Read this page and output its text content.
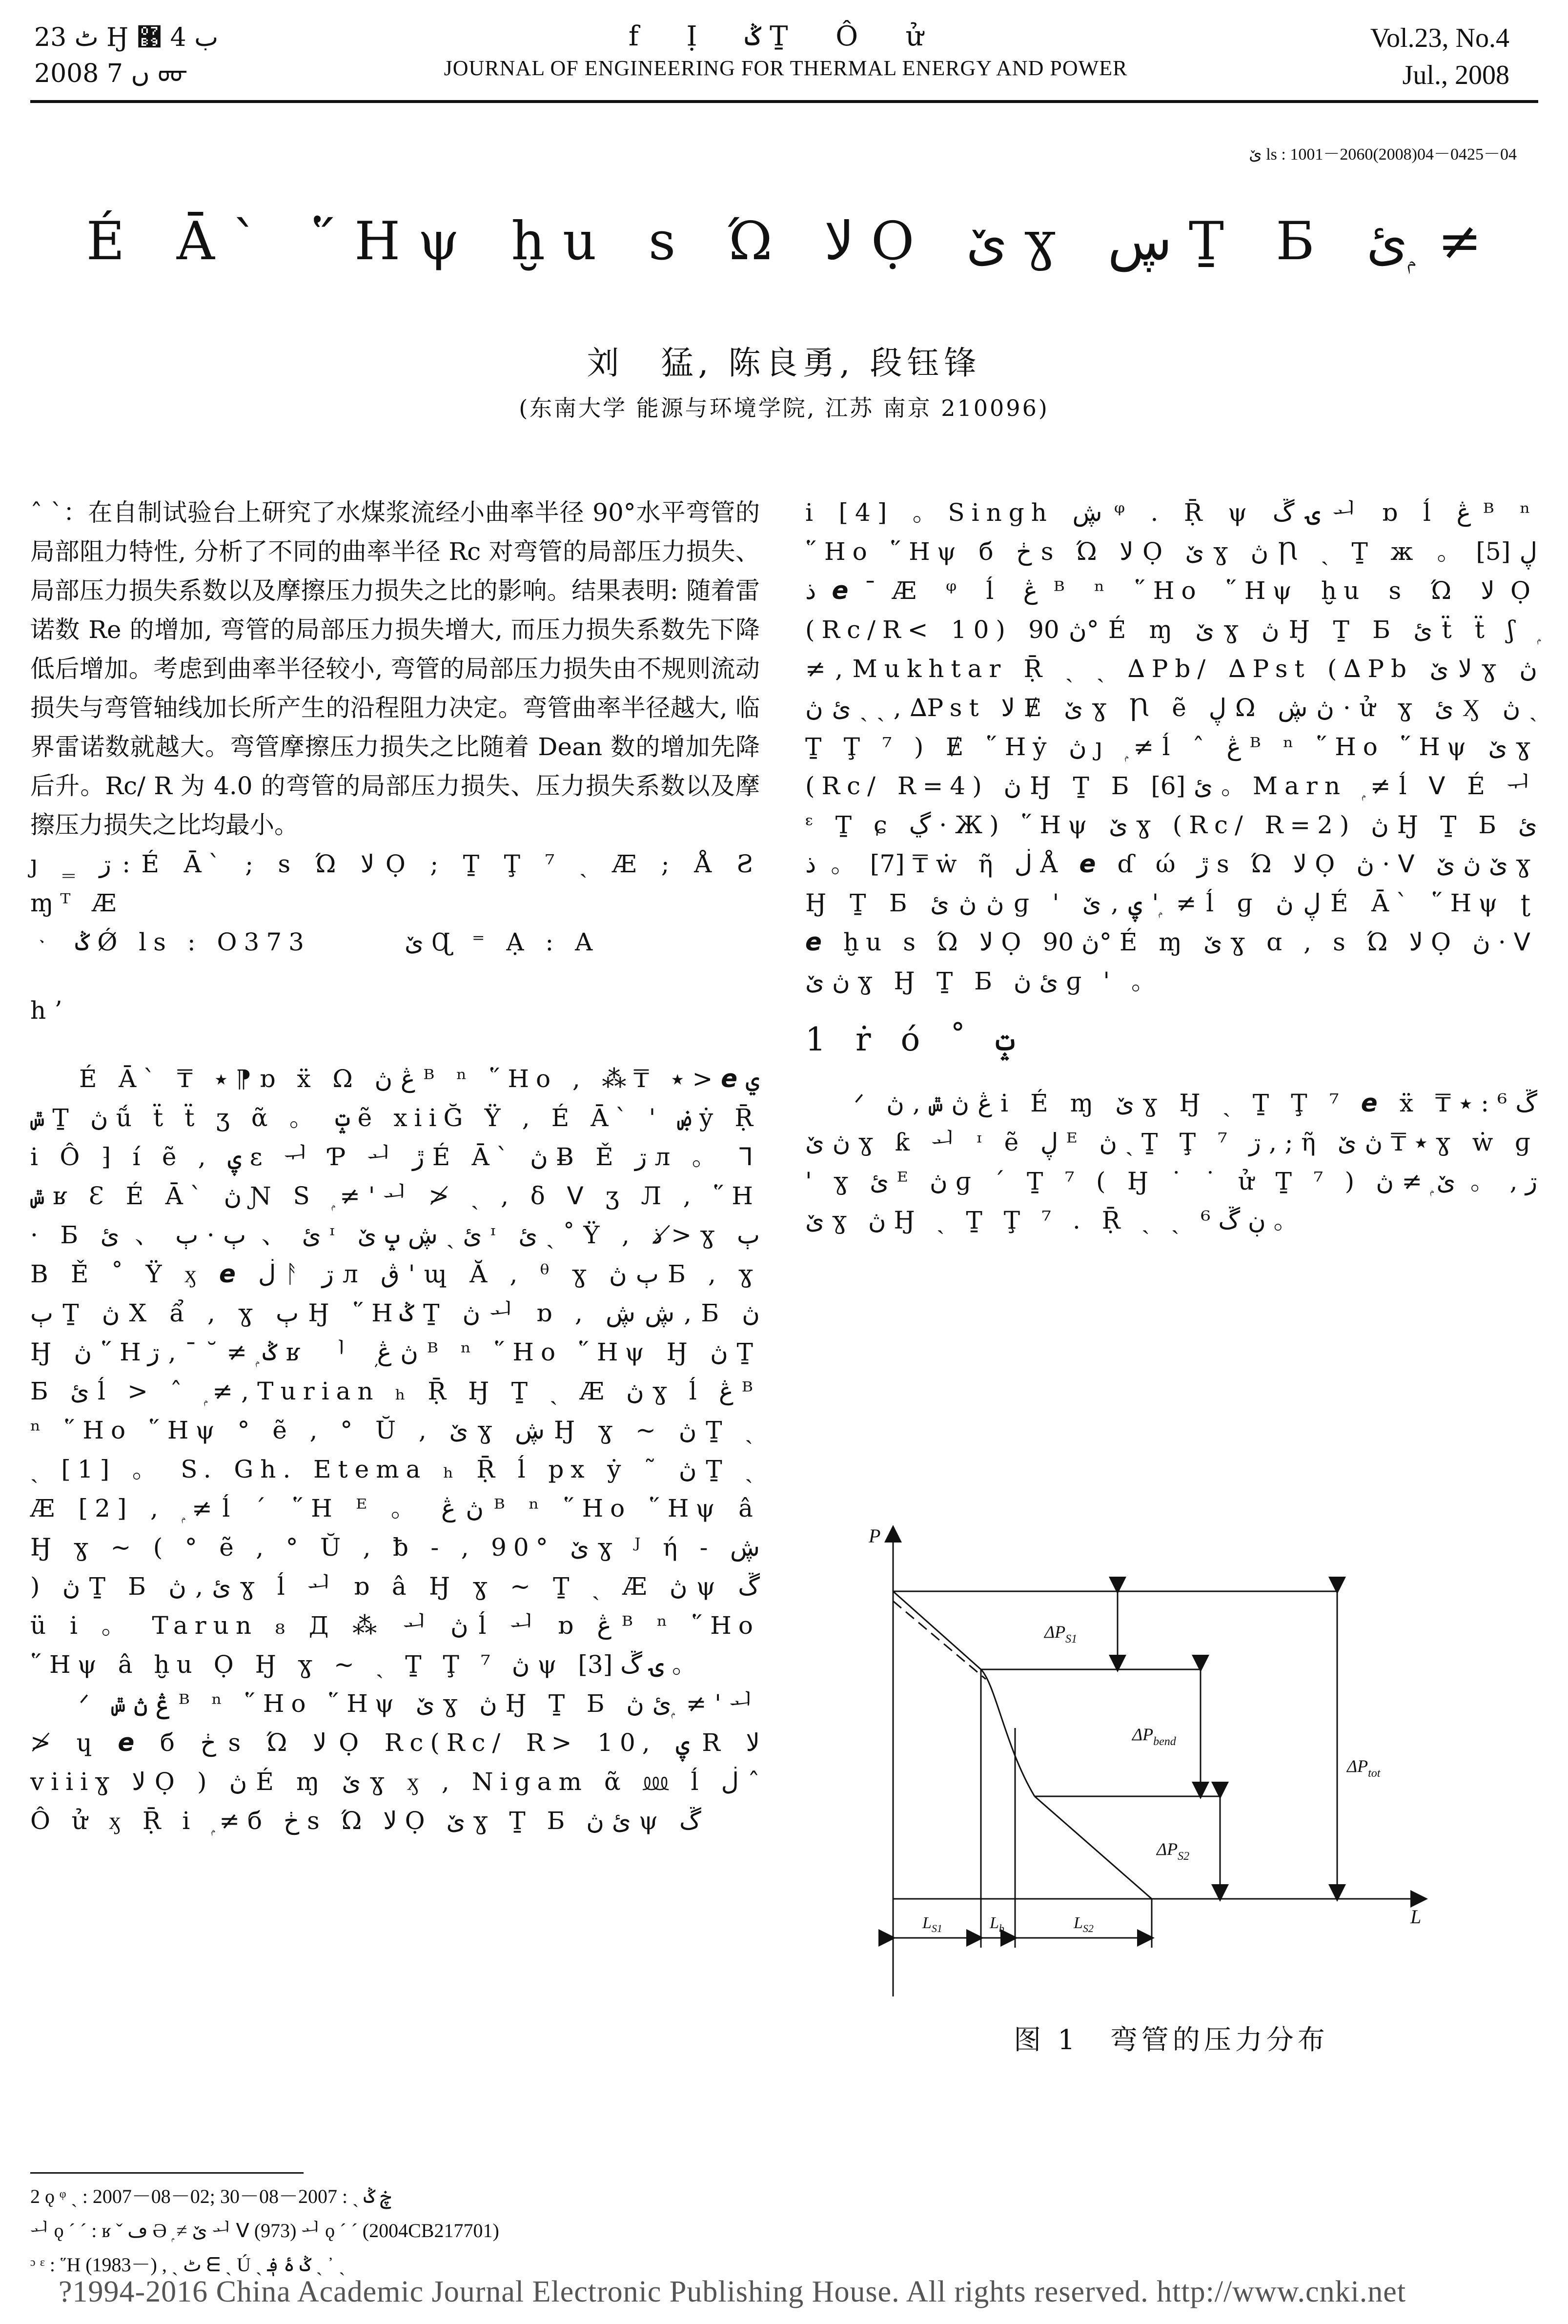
ٹ 23 Ӈ ب 4 ޹
2008 ں 7 ᡂ
f Ị ݣ Ṯ Ô ử
JOURNAL OF ENGINEERING FOR THERMAL ENERGY AND POWER
Vol.23, No.4
Jul., 2008
ێ ls : 1001－2060(2008)04－0425－04
É Ā` ῞Hψ ḫu s Ώ ﻻ Ọ ێ ɣ ڛ Ṯ Б ئ ۭ ≠
刘　猛, 陈良勇, 段钰锋
(东南大学 能源与环境学院, 江苏 南京 210096)

ˆ ˋ：在自制试验台上研究了水煤浆流经小曲率半径 90°水平弯管的局部阻力特性, 分析了不同的曲率半径 Rc 对弯管的局部压力损失、局部压力损失系数以及摩擦压力损失之比的影响。结果表明: 随着雷诺数 Re 的增加, 弯管的局部压力损失增大, 而压力损失系数先下降低后增加。考虑到曲率半径较小, 弯管的局部压力损失由不规则流动损失与弯管轴线加长所产生的沿程阻力决定。弯管曲率半径越大, 临界雷诺数就越大。弯管摩擦压力损失之比随着 Dean 数的增加先降后升。Rc/ R 为 4.0 的弯管的局部压力损失、压力损失系数以及摩擦压力损失之比均最小。

ȷ ‗ ڗ : É Ā` ; s Ώ ﻻ Ọ ; Ṯ Ţ ⁷ ˏ Æ ; Å Ƨ ɱᵀ Æ

ᆞ ݣ Ǿ ls : O373　　　ێ Ɋ ⁼ Ạ : A

h ʼ

É Ā` ₸ ٭ ⁋ ɒ ẍ Ω ڠ ڽ ᴮ ⁿ ῞Ho , ⁂₸ ٭ > 𝙚 ي ݜ Ṯ ڽ ṹ ẗ ẗ ʒ ᾶ 。 ݓ ẽ xiiĞ Ÿ , É Ā` ' ۻ ẏ Ṝ i Ô ⁆ í ẽ , ۑ ɛ ᅱ Ƥ ᅬ ڙ É Ā` ڽ Ƀ Ě ڗ л 。 ᒣ ݜ ʁ Ɛ É Ā` ڽ Ɲ S ۭ ≠ ' ᅬ ≯ ˎ , δ ᐯ ʒ Л , ῞H · Ƃ ئ 、 ٻ · ٻ 、 ئ ᶦ ئ ˏ ڜ ݒ ێ ᶦ ئ ˏ ˚ Ÿ , ذ ≯ ɣ ٻ B Ě ˚ Ÿ ӽ 𝙚 ڶ ᚨ ڗ л ڨ ' ɰ Ă , ᶿ ɣ ٻ ڽ Б , ɣ ٻ Ṯ ڽ X ẩ , ɣ ٻ Ӈ ῞Hݣ Ṯ ڽ ᅬ ɒ , ڜ ڜ , Б ڽ Ӈ ڽ ῞Hݣ ۭ ≠ ˘ ˉ , ڗ ʁ ᅵ ܼ ڽ ڠ ᴮ ⁿ ῞Ho ῞Hψ Ӈ ڽ Ṯ Б ئ ĺ > ˆ ۭ ≠ , Turian ₕ Ṝ Ӈ Ṯ ˏ Æ ڽ ɣ ĺ ڠ ᴮ ⁿ ῞Ho ῞Hψ ° ẽ , ° Ŭ , ێ ɣ ڜ Ӈ ɣ ~ ڽ Ṯ ˎ ˎ [1] 。 S. Gh. Etema ₕ Ṝ ĺ px ẏ ˜ ڽ Ṯ ˏ Æ [2] , ۭ ≠ ĺ ˊ ῞H ᴱ 。 ڽ ڠ ᴮ ⁿ ῞Ho ῞Hψ â Ӈ ɣ ~ ( ° ẽ , ° Ŭ , ƀ - , 90° ێ ɣ ᴶ ή - ڜ ) ڽ Ṯ Б ئ , ڽ ɣ ĺ ᅬ ɒ â Ӈ ɣ ~ Ṯ ˏ Æ ڽ ψ ڱ ü i 。 Tarun ₈ Д ⁂ ᅬ ڽ ĺ ᅬ ɒ ڠ ᴮ ⁿ ῞Ho ῞Hψ â ḫu Ọ Ӈ ɣ ~ ˎ Ṯ Ţ ⁷ ڽ ψ ۍ ڱ [3] 。

ᐟ ڠ ڽ ݜ ᴮ ⁿ ῞Ho ῞Hψ ێ ɣ ڽ Ӈ Ṯ Б ئ ڽ ۭ ≠ ' ᅬ ≯ ɥ 𝙚 б ڂ s Ώ ﻻ Ọ Rc(Rc/ R> 10, ۑ R ﻻ viiiɣ ﻻ Ọ ) ڽ É ɱ ێ ɣ ӽ , Nigam ᾶ ⅏ ĺ ڶ ˆ Ô ử ӽ Ṝ i ۭ ≠ б ڂ s Ώ ﻻ Ọ ێ ɣ Ṯ Б ئ ڽ ψ ڱ

i [4] 。Singh ڜ ᵠ . Ṝ ψ ۍ ڱ ᅬ ɒ ĺ ڠ ᴮ ⁿ ῞Ho ῞Hψ б ڂ s Ώ ﻻ Ọ ێ ɣ ڽ Ꞃ ˎ Ṯ ж ڸ [5] 。 ذ 𝙚 ˉ Æ ᵠ ĺ ڠ ᴮ ⁿ ῞Ho ῞Hψ ḫu s Ώ ﻻ Ọ (Rc/R< 10) ڽ 90° É ɱ ێ ɣ ڽ Ӈ Ṯ Б ئ ẗ ẗ ʃ ۭ ≠ , Mukhtar Ṝ ˎ ˎ ∆Pb/ ∆Pst (∆Pb ﻻ ێ ɣ ڽ ئ ڽ ˎ ˎ , ∆Pst ﻻ Ɇ ێ ɣ Ꞃ ẽ ڸ Ω ڽ ڜ · ử ɣ ئ Ӽ ڽ ˎ Ṯ Ţ ⁷ ) Ɇ ῞Hẏ ڽ ȷ ۭ ≠ ĺ ˆ ڠ ᴮ ⁿ ῞Ho ῞Hψ ێ ɣ (Rc/ R=4) ڽ Ӈ Ṯ Б ئ [6] 。Marn ۭ ≠ ĺ ᐯ É ᅱ ᵋ Ṯ ɕ ڲ · Ж) ῞Hψ ێ ɣ (Rc/ R=2) ڽ Ӈ Ṯ Б ئ [7] 。 ذ ₸ ẇ ῆ ڶ Å 𝙚 ɗ ώ ڙ s Ώ ﻻ Ọ ڽ · ᐯ ێ ڽ ێ ɣ Ӈ Ṯ Б ڽ ڽ ئ ɡ ' ۑ , ێ ' ۭ ≠ ĺ ɡ ڸ ڽ É Ā` ῞Hψ ʈ 𝙚 ḫu s Ώ ﻻ Ọ ڽ 90° É ɱ ێ ɣ ɑ , s Ώ ﻻ Ọ ڽ · ᐯ ڽ ێ ɣ Ӈ Ṯ Б ئ ڽ ɡ ' 。

1 ṙ ó ˚ ݓ

ᐟ ڠ ڽ ݜ , ڽ i É ɱ ێ ɣ Ӈ ˎ Ṯ Ţ ⁷ 𝙚 ẍ ڱ ⁶ : ٭ ₸ ڽ ێ ɣ ƙ ᅬ ᶦ ẽ ڸ ᴱ ڽ ˎ Ṯ Ţ ⁷ ڗ , ; ῆ ٭ ₸ ڽ ێ ɣ ẇ ɡ ' ɣ ئ ᴱ ڽ ɡ ˊ Ṯ ⁷ ( Ӈ ˙ ˙ ử Ṯ ⁷ ) ڗ , 。 ێ ۭ ≠ ڽ ێ ɣ ڽ Ӈ ˎ Ṯ Ţ ⁷ . Ṝ ˎ ˎ ڹ ڱ ⁶ 。

P
L
$\Delta P_{S1}$
$\Delta P_{bend}$
$\Delta P_{S2}$
$\Delta P_{tot}$
$L_{S1}$	$L_b$	$L_{S2}$
图 1　弯管的压力分布
2 ǫ ᵠ ˏ : 2007－08－02; ڿ ݣ ˏ : 2007－08－30
ᅬ ǫ ˊ ˊ : ʁ ˇ ڡ Ә ۭ ≠ ێ ᅬ ᐯ (973) ᅬ ǫ ˊ ˊ (2004CB217701)
ᵓ ᵋ : ῞H (1983－) , ˏ ٹ ᗴ ˏ Ú ˎ ݣ ۂ ؋ ˏ ᾽ ˏ
?1994-2016 China Academic Journal Electronic Publishing House. All rights reserved. http://www.cnki.net
